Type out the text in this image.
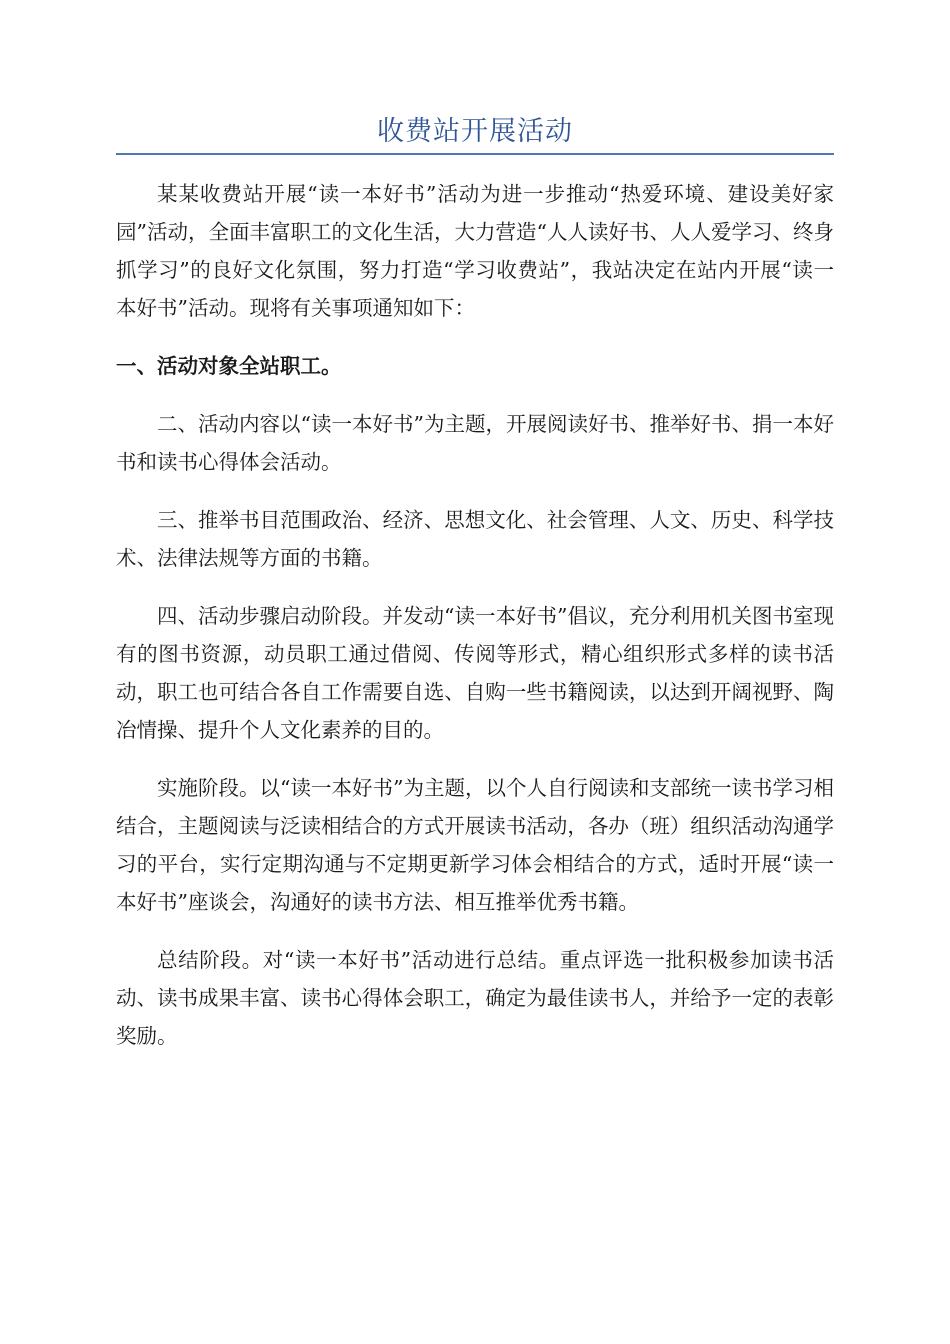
收费站开展活动

某某收费站开展“读一本好书”活动为进一步推动“热爱环境、建设美好家园”活动，全面丰富职工的文化生活，大力营造“人人读好书、人人爱学习、终身抓学习”的良好文化氛围，努力打造“学习收费站”，我站决定在站内开展“读一本好书”活动。现将有关事项通知如下：

一、活动对象全站职工。

二、活动内容以“读一本好书”为主题，开展阅读好书、推举好书、捐一本好书和读书心得体会活动。

三、推举书目范围政治、经济、思想文化、社会管理、人文、历史、科学技术、法律法规等方面的书籍。

四、活动步骤启动阶段。并发动“读一本好书”倡议，充分利用机关图书室现有的图书资源，动员职工通过借阅、传阅等形式，精心组织形式多样的读书活动，职工也可结合各自工作需要自选、自购一些书籍阅读，以达到开阔视野、陶冶情操、提升个人文化素养的目的。

实施阶段。以“读一本好书”为主题，以个人自行阅读和支部统一读书学习相结合，主题阅读与泛读相结合的方式开展读书活动，各办（班）组织活动沟通学习的平台，实行定期沟通与不定期更新学习体会相结合的方式，适时开展“读一本好书”座谈会，沟通好的读书方法、相互推举优秀书籍。

总结阶段。对“读一本好书”活动进行总结。重点评选一批积极参加读书活动、读书成果丰富、读书心得体会职工，确定为最佳读书人，并给予一定的表彰奖励。
